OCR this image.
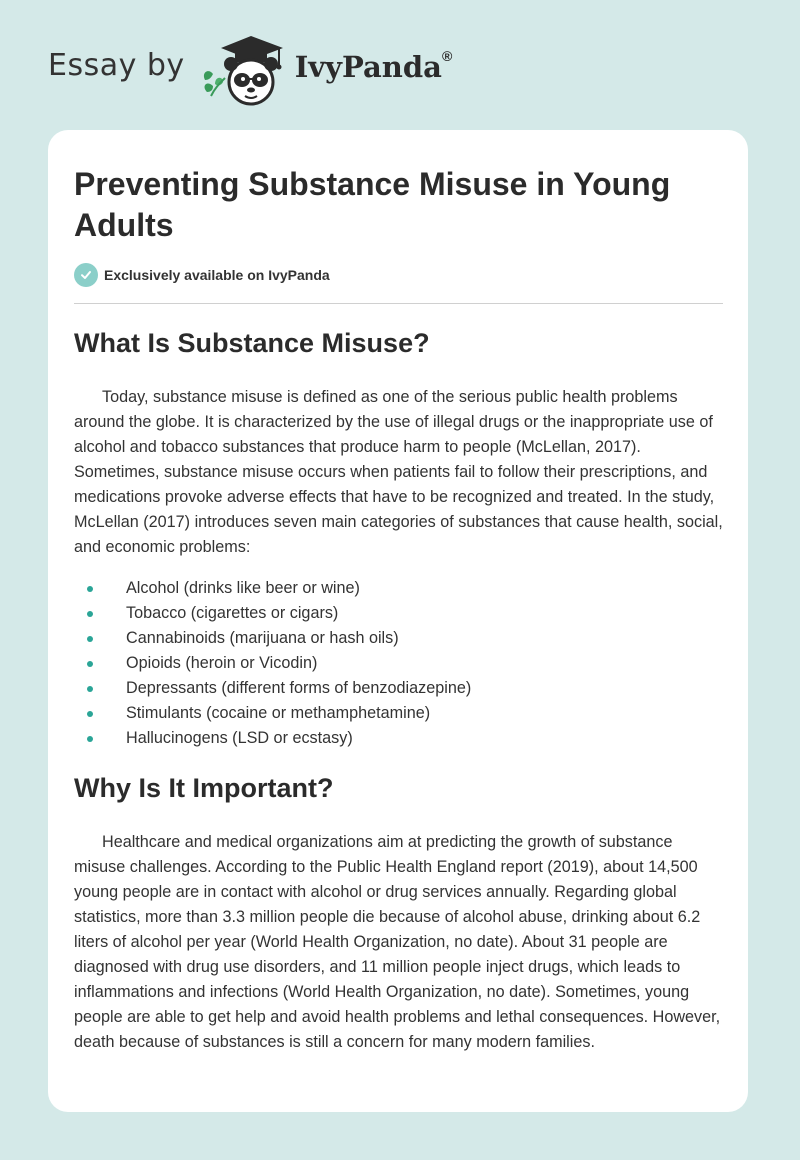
Essay by	IvyPanda®
Preventing Substance Misuse in Young Adults
Exclusively available on IvyPanda
What Is Substance Misuse?

Today, substance misuse is defined as one of the serious public health problems around the globe. It is characterized by the use of illegal drugs or the inappropriate use of alcohol and tobacco substances that produce harm to people (McLellan, 2017). Sometimes, substance misuse occurs when patients fail to follow their prescriptions, and medications provoke adverse effects that have to be recognized and treated. In the study, McLellan (2017) introduces seven main categories of substances that cause health, social, and economic problems:

Alcohol (drinks like beer or wine)
Tobacco (cigarettes or cigars)
Cannabinoids (marijuana or hash oils)
Opioids (heroin or Vicodin)
Depressants (different forms of benzodiazepine)
Stimulants (cocaine or methamphetamine)
Hallucinogens (LSD or ecstasy)
Why Is It Important?

Healthcare and medical organizations aim at predicting the growth of substance misuse challenges. According to the Public Health England report (2019), about 14,500 young people are in contact with alcohol or drug services annually. Regarding global statistics, more than 3.3 million people die because of alcohol abuse, drinking about 6.2 liters of alcohol per year (World Health Organization, no date). About 31 people are diagnosed with drug use disorders, and 11 million people inject drugs, which leads to inflammations and infections (World Health Organization, no date). Sometimes, young people are able to get help and avoid health problems and lethal consequences. However, death because of substances is still a concern for many modern families.
